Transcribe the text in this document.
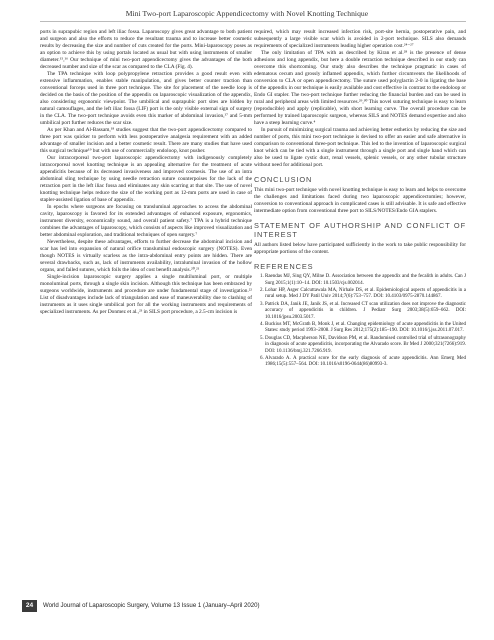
Mini Two-port Laparoscopic Appendicectomy with Novel Knotting Technique

ports in suprapubic region and left iliac fossa. Laparoscopy gives great advantage to both patient and surgeon and also the efforts to reduce the resultant trauma and to increase better cosmetic results by decreasing the size and number of cuts created for the ports. Mini-laparoscopy poses as an option to achieve this by using portals located as usual but with using instruments of smaller diameter.¹⁵,¹⁶ Our technique of mini two-port appendicectomy gives the advantages of the both decreased number and size of the scar as compared to the CLA (Fig. 4).

The TPA technique with loop polypropylene retraction provides a good result even with extensive inflammation, enables stable manipulation, and gives better counter traction than conventional forceps used in three port technique. The site for placement of the needle loop is decided on the basis of the position of the appendix on laparoscopic visualization of the appendix, also considering ergonomic viewpoint. The umbilical and suprapubic port sites are hidden by natural camouflages, and the left iliac fossa (LIF) port is the only visible external sign of surgery in the CLA. The two-port technique avoids even this marker of abdominal invasion,¹⁷ and 5-mm umbilical port further reduces the scar size.

As per Khan and Al-Bassam,¹⁸ studies suggest that the two-port appendicectomy compared to three port was quicker to perform with less postoperative analgesia requirement with an added advantage of smaller incision and a better cosmetic result. There are many studies that have used this surgical technique¹⁹ but with use of commercially endoloop, knot pusher.

Our intracorporeal two-port laparoscopic appendicectomy with indigenously completely intracorporeal novel knotting technique is an appealing alternative for the treatment of acute appendicitis because of its decreased invasiveness and improved cosmesis. The use of an intra abdominal sling technique by using needle retraction suture counterpoises for the lack of the retraction port in the left iliac fossa and eliminates any skin scarring at that site. The use of novel knotting technique helps reduce the size of the working port as 12-mm ports are used in case of stapler-assisted ligation of base of appendix.

In epochs where surgeons are focusing on transluminal approaches to access the abdominal cavity, laparoscopy is favored for its extended advantages of enhanced exposure, ergonomics, instrument diversity, economically sound, and overall patient safety.⁷ TPA is a hybrid technique combines the advantages of laparoscopy, which consists of aspects like improved visualization and better abdominal exploration, and traditional techniques of open surgery.⁷

Nevertheless, despite these advantages, efforts to further decrease the abdominal incision and scar has led into expansion of natural orifice transluminal endoscopic surgery (NOTES). Even though NOTES is virtually scarless as the intra-abdominal entry points are hidden. There are several drawbacks, such as, lack of instruments availability, intraluminal invasion of the hollow organs, and failed sutures, which foils the idea of cost benefit analysis.²⁰,²¹

Single-incision laparoscopic surgery applies a single multiluminal port, or multiple monoluminal ports, through a single skin incision. Although this technique has been embraced by surgeons worldwide, instruments and procedure are under fundamental stage of investigation.²² List of disadvantages include lack of triangulation and ease of maneuverability due to clashing of instruments as it uses single umbilical port for all the working instruments and requirements of specialized instruments. As per Donmez et al.,²³ in SILS port procedure, a 2.5-cm incision is

required, which may result increased infection risk, port-site hernia, postoperative pain, and subsequently a large visible scar which is avoided in 2-port technique. SILS also demands requirements of specialized instruments leading higher operation cost.²⁴⁻²⁷

The only limitation of TPA with as described by Kiran et al.²⁸ is the presence of dense adhesions and long appendix, but here a double retraction technique described in our study can overcome this shortcoming. Our study also describes the technique pragmatic in cases of edematous cecum and grossly inflamed appendix, which further circumvents the likelihoods of conversion to CLA or open appendicectomy. The suture used polyglactin 2-0 in ligating the base of the appendix in our technique is easily available and cost effective in contrast to the endoloop or Endo GI stapler. The two-port technique further reducing the financial burden and can be used in rural and peripheral areas with limited resources.²⁹,³⁰ This novel suturing technique is easy to learn (reproducible) and apply (replicable), with short learning curve. The overall procedure can be performed by trained laparoscopic surgeon, whereas SILS and NOTES demand expertise and also have a steep learning curve.⁴

In pursuit of minimizing surgical trauma and achieving better esthetics by reducing the size and number of ports, this mini two-port technique is devised to offer an easier and safe alternative in comparison to conventional three-port technique. This led to the invention of laparoscopic surgical knot which can be tied with a single instrument through a single port and single hand which can also be used to ligate cystic duct, renal vessels, splenic vessels, or any other tubular structure without need for additional port.

CONCLUSION

This mini two-port technique with novel knotting technique is easy to learn and helps to overcome the challenges and limitations faced during two laparoscopic appendicectomies; however, conversion to conventional approach in complicated cases is still advisable. It is safe and effective intermediate option from conventional three port to SILS/NOTES/Endo GIA staplers.

STATEMENT OF AUTHORSHIP AND CONFLICT OF INTEREST

All authors listed below have participated sufficiently in the work to take public responsibility for appropriate portions of the content.

REFERENCES
1. Raendas MJ, Sing QY, Milne D. Association between the appendix and the fecalith in adults. Can J Surg 2015;1(1):10–14. DOI: 10.1503/cjs.002014.
2. Lohar HP, Asger Calcuttawala MA, Nirhale DS, et al. Epidemiological aspects of appendicitis in a rural setup. Med J DY Patil Univ 2014;7(6):753–757. DOI: 10.4103/0975-2870.144867.
3. Patrick DA, Janik JE, Janik JS, et al. Increased CT scan utilization does not improve the diagnostic accuracy of appendicitis in children. J Pediatr Surg 2003;38(5):659–662. DOI: 10.1016/jpsu.2003.5017.
4. Buckius MT, McGrath B, Monk J, et al. Changing epidemiology of acute appendicitis in the United States: study period 1993–2008. J Surg Res 2012;175(2):185–190. DOI: 10.1016/j.jss.2011.07.017.
5. Douglas CD, Macpherson NE, Davidson PM, et al. Randomised controlled trial of ultrasonography in diagnosis of acute appendicitis, incorporating the Alvarado score. Br Med J 2000;321(7266):919. DOI: 10.1136/bmj.321.7266.919.
6. Alvarado A. A practical score for the early diagnosis of acute appendicitis. Ann Emerg Med 1986;15(5):557–564. DOI: 10.1016/s0196-0644(86)80993-3.
24	World Journal of Laparoscopic Surgery, Volume 13 Issue 1 (January–April 2020)
